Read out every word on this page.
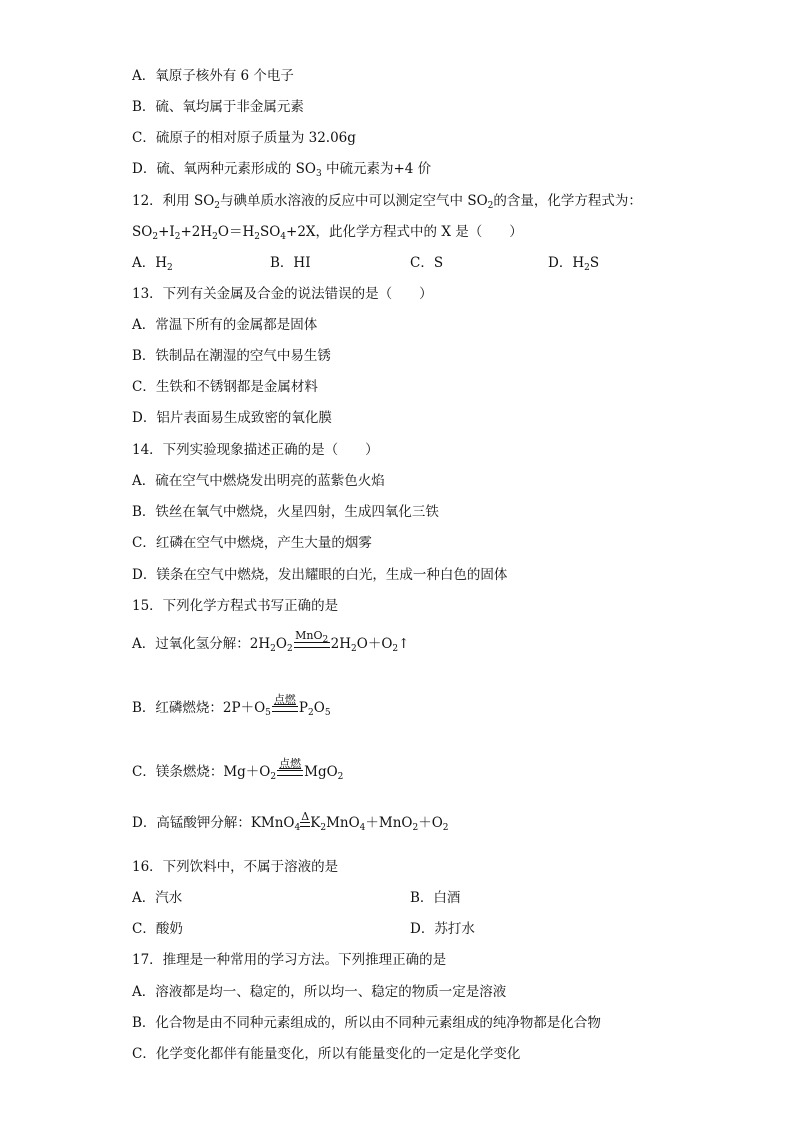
A．氧原子核外有 6 个电子
B．硫、氧均属于非金属元素
C．硫原子的相对原子质量为 32.06g
D．硫、氧两种元素形成的 $SO_3$ 中硫元素为+4 价
12．利用 $SO_2$与碘单质水溶液的反应中可以测定空气中 $SO_2$的含量，化学方程式为：
$SO_2+I_2+2H_2O=H_2SO_4+2X$，此化学方程式中的 X 是（　　）
A．$H_2$	B．HI	C．S	D．$H_2S$
13．下列有关金属及合金的说法错误的是（　　）
A．常温下所有的金属都是固体
B．铁制品在潮湿的空气中易生锈
C．生铁和不锈钢都是金属材料
D．铝片表面易生成致密的氧化膜
14．下列实验现象描述正确的是（　　）
A．硫在空气中燃烧发出明亮的蓝紫色火焰
B．铁丝在氧气中燃烧，火星四射，生成四氧化三铁
C．红磷在空气中燃烧，产生大量的烟雾
D．镁条在空气中燃烧，发出耀眼的白光，生成一种白色的固体
15．下列化学方程式书写正确的是
A．过氧化氢分解： $2H_2O_2$
MnO$_2$ $2H_2O+O_2↑$
B．红磷燃烧： $2P+O_5$
点燃
$P_2O_5$
C．镁条燃烧： $Mg+O_2$
点燃
MgO$_2$
D．高锰酸钾分解： KMnO$_4$
Δ $K_2MnO_4+MnO_2+O_2$
16．下列饮料中，不属于溶液的是
A．汽水	B．白酒
C．酸奶	D．苏打水
17．推理是一种常用的学习方法。下列推理正确的是
A．溶液都是均一、稳定的，所以均一、稳定的物质一定是溶液
B．化合物是由不同种元素组成的，所以由不同种元素组成的纯净物都是化合物
C．化学变化都伴有能量变化，所以有能量变化的一定是化学变化
